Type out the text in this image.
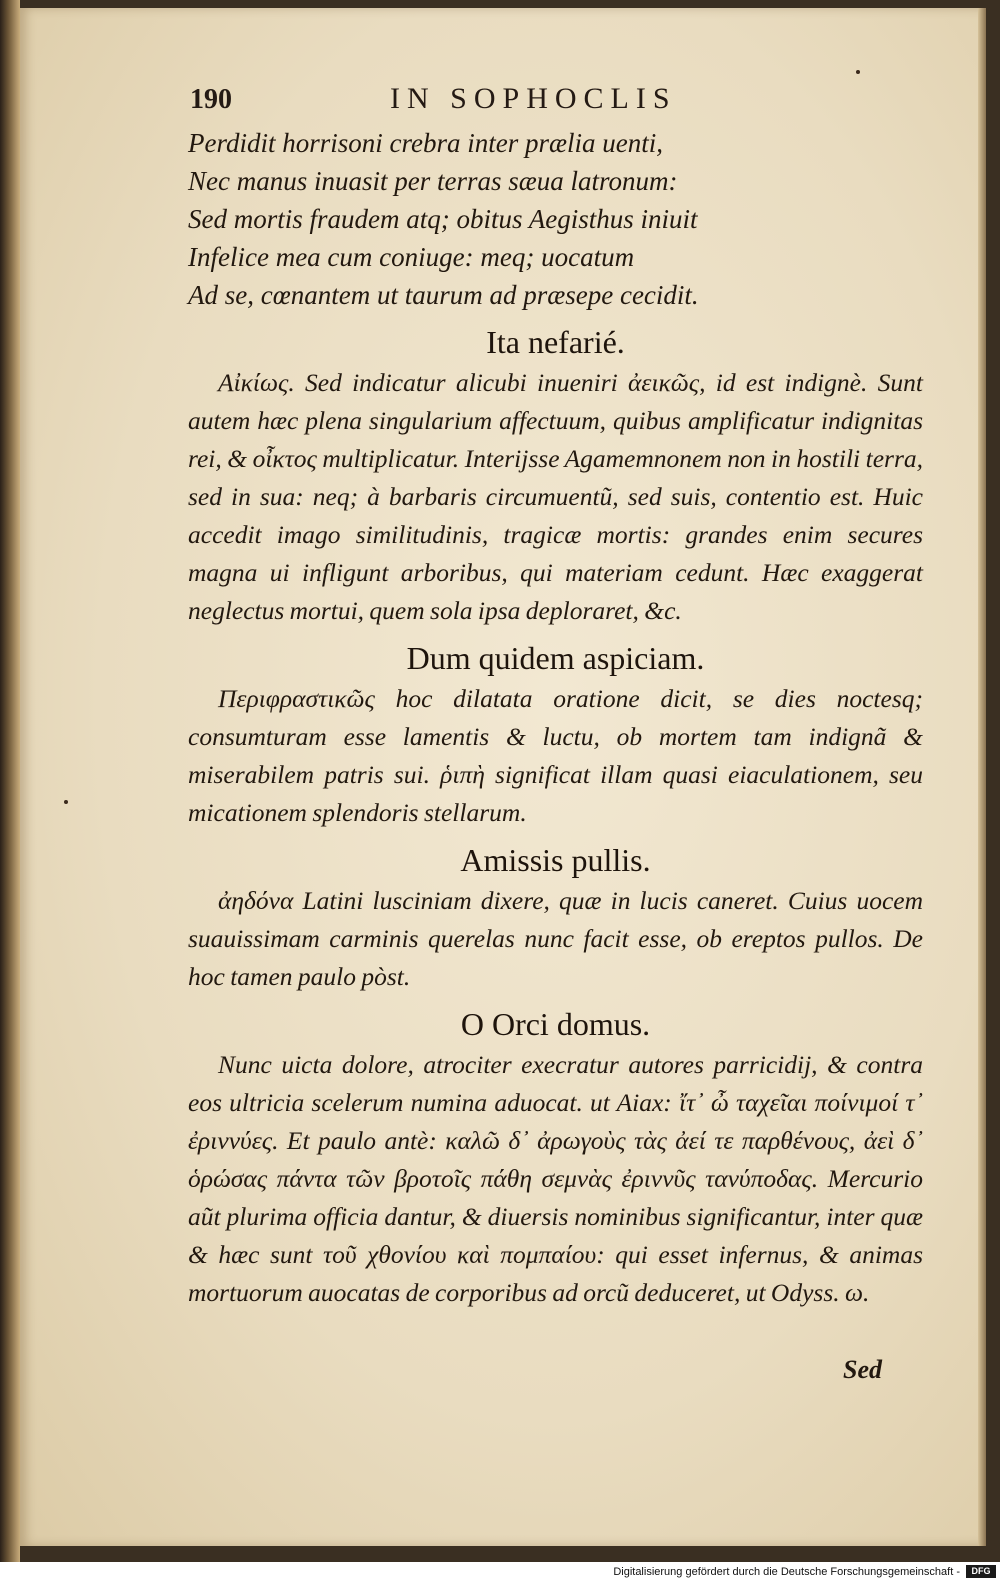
190	IN SOPHOCLIS
Perdidit horrisoni crebra inter prælia uenti,
Nec manus inuasit per terras sæua latronum:
Sed mortis fraudem atq; obitus Aegisthus iniuit
Infelice mea cum coniuge: meq; uocatum
Ad se, cœnantem ut taurum ad præsepe cecidit.
Ita nefarié.

Αἰκίως. Sed indicatur alicubi inueniri ἀεικῶς, id est indignè. Sunt autem hæc plena singularium affectuum, quibus amplificatur indignitas rei, & οἶκτος multiplicatur. Interijsse Agamemnonem non in hostili terra, sed in sua: neq; à barbaris circumuentũ, sed suis, contentio est. Huic accedit imago similitudinis, tragicæ mortis: grandes enim secures magna ui infligunt arboribus, qui materiam cedunt. Hæc exaggerat neglectus mortui, quem sola ipsa deploraret, &c.

Dum quidem aspiciam.

Περιφραστικῶς hoc dilatata oratione dicit, se dies noctesq; consumturam esse lamentis & luctu, ob mortem tam indignã & miserabilem patris sui. ῥιπὴ significat illam quasi eiaculationem, seu micationem splendoris stellarum.

Amissis pullis.

ἀηδόνα Latini lusciniam dixere, quæ in lucis caneret. Cuius uocem suauissimam carminis querelas nunc facit esse, ob ereptos pullos. De hoc tamen paulo pòst.

O Orci domus.

Nunc uicta dolore, atrociter execratur autores parricidij, & contra eos ultricia scelerum numina aduocat. ut Aiax: ἴτ᾽ ὦ ταχεῖαι ποίνιμοί τ᾽ ἐριννύες. Et paulo antè: καλῶ δ᾽ ἀρωγοὺς τὰς ἀεί τε παρθένους, ἀεὶ δ᾽ ὁρώσας πάντα τῶν βροτοῖς πάθη σεμνὰς ἐριννῦς τανύποδας. Mercurio aũt plurima officia dantur, & diuersis nominibus significantur, inter quæ & hæc sunt τοῦ χθονίου καὶ πομπαίου: qui esset infernus, & animas mortuorum auocatas de corporibus ad orcũ deduceret, ut Odyss. ω.

Sed
Digitalisierung gefördert durch die Deutsche Forschungsgemeinschaft -	DFG
